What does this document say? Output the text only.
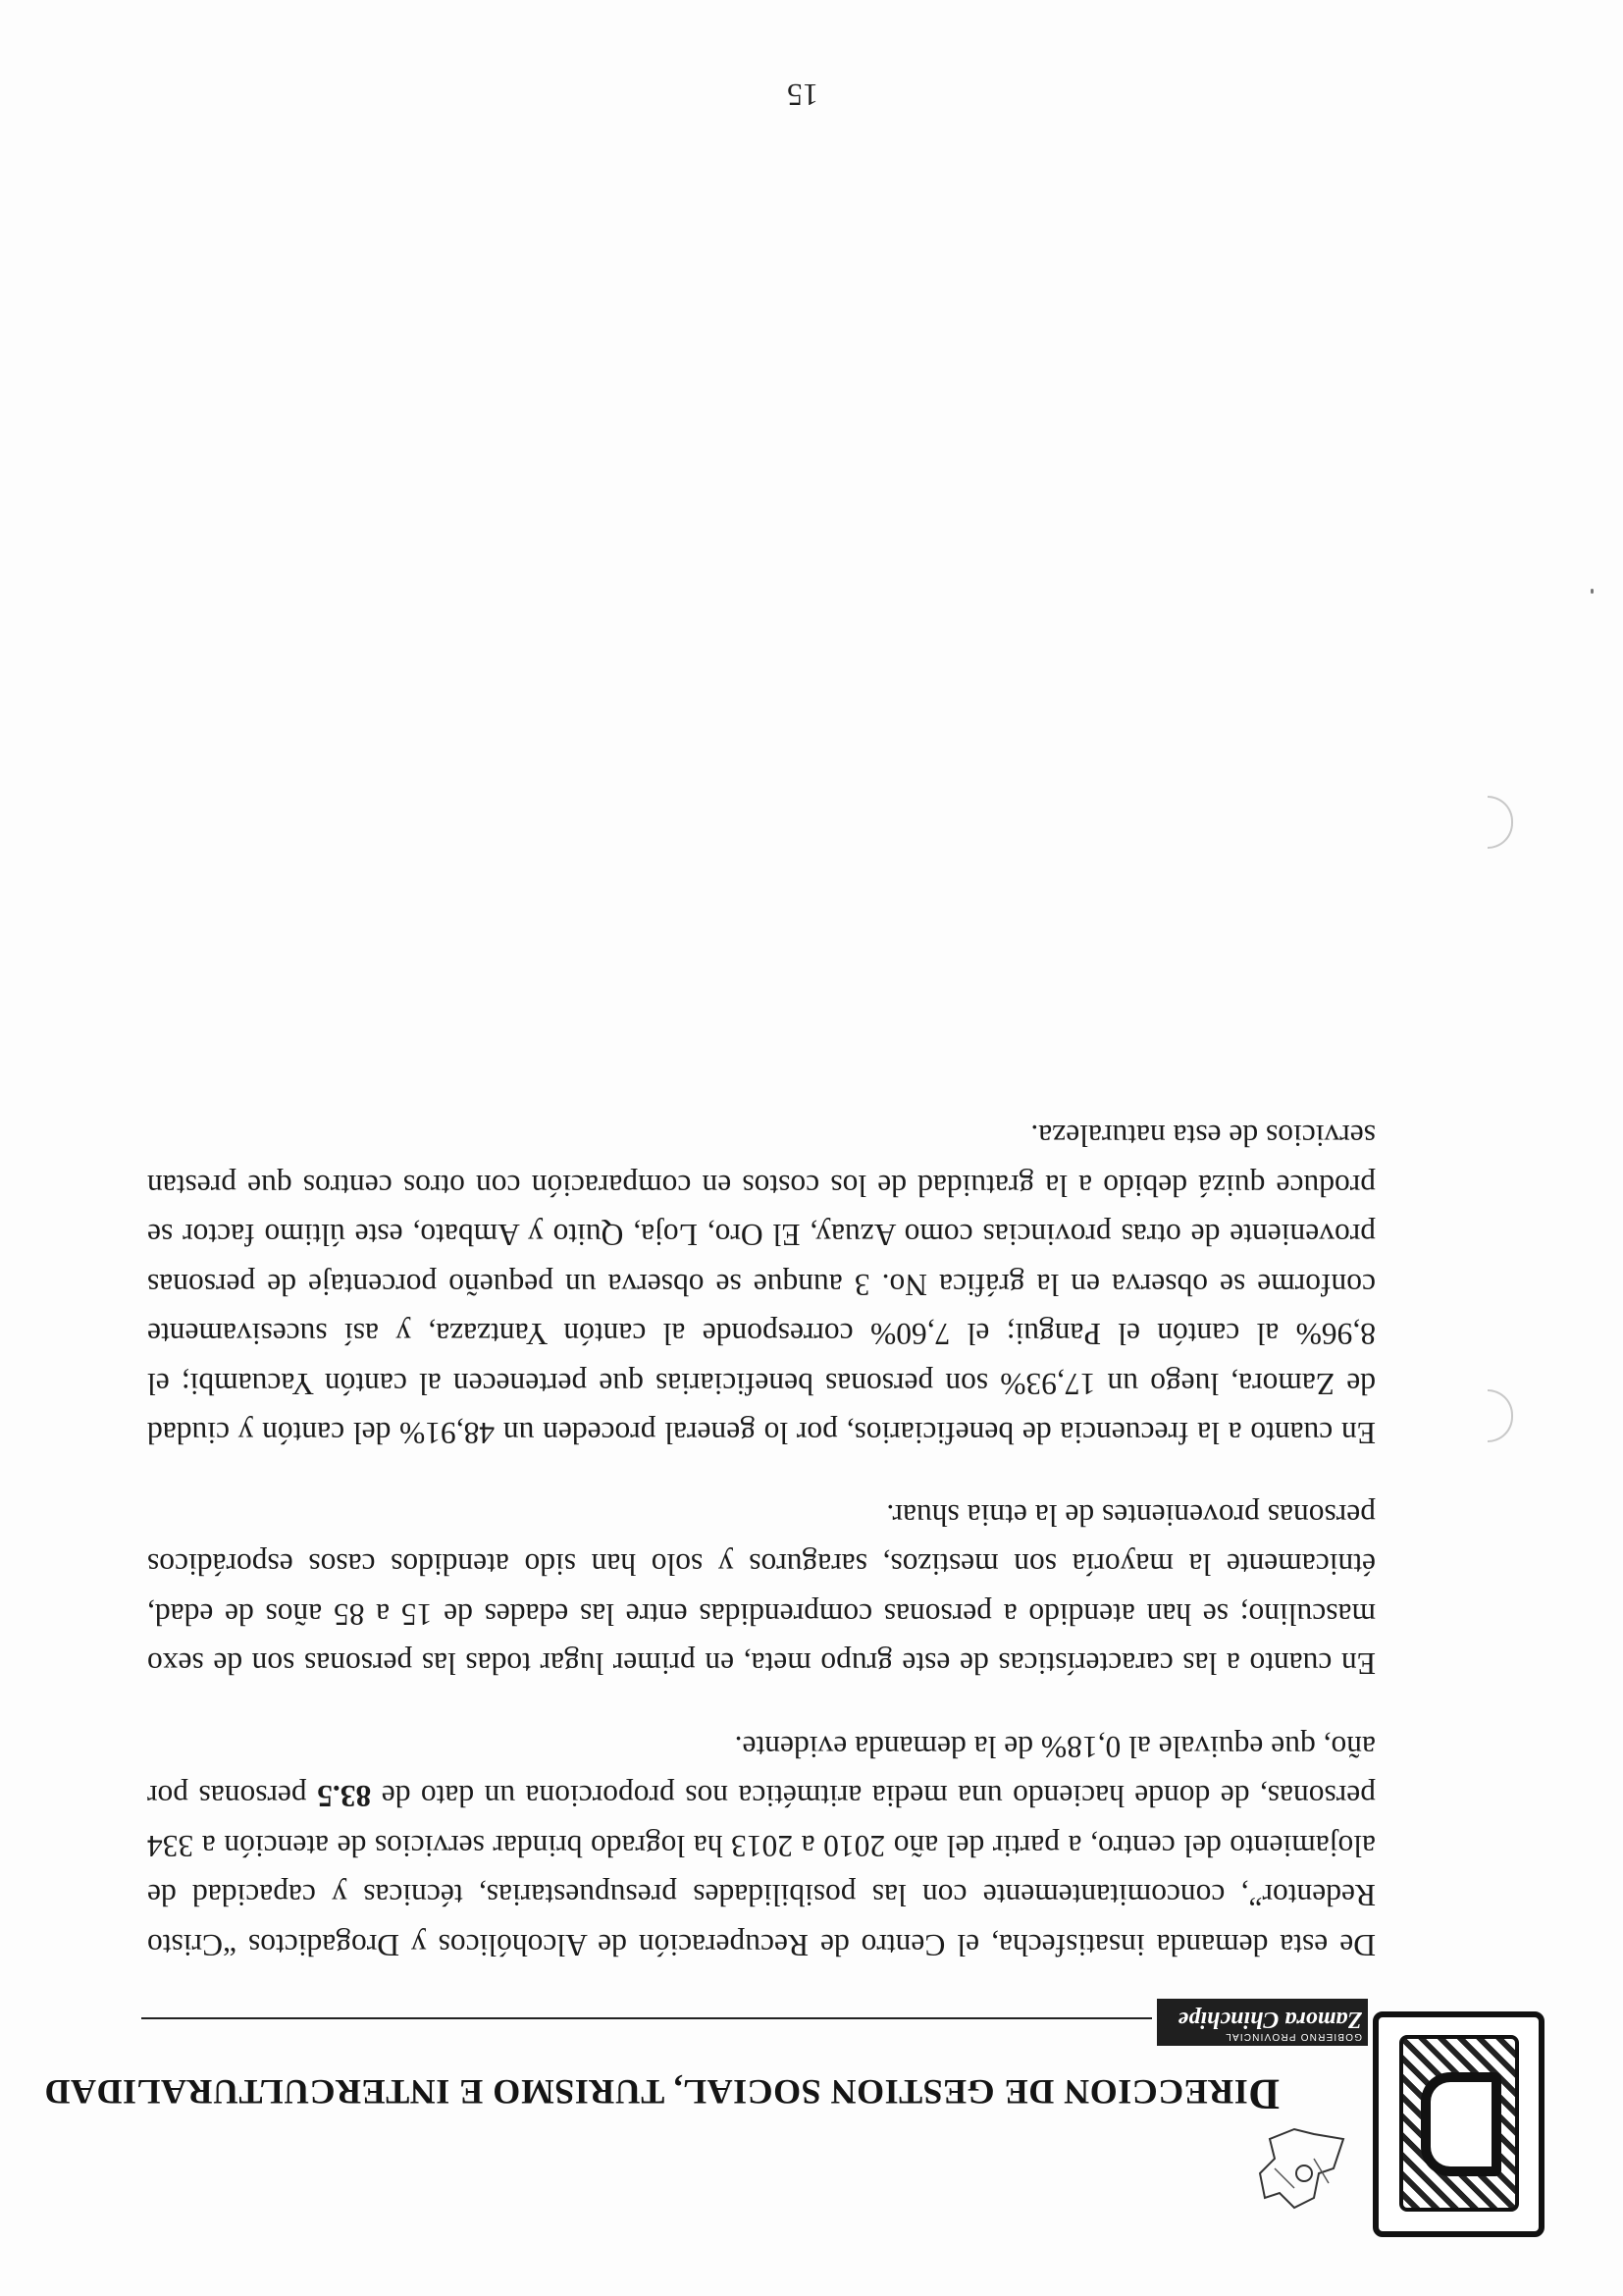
DIRECCION DE GESTION SOCIAL, TURISMO E INTERCULTURALIDAD
GOBIERNO PROVINCIAL
Zamora Chinchipe

De esta demanda insatisfecha, el Centro de Recuperación de Alcohólicos y Drogadictos “Cristo Redentor”, concomitantemente con las posibilidades presupuestarias, técnicas y capacidad de alojamiento del centro, a partir del año 2010 a 2013 ha logrado brindar servicios de atención a 334 personas, de donde haciendo una media aritmética nos proporciona un dato de 83.5 personas por año, que equivale al 0,18% de la demanda evidente.

En cuanto a las características de este grupo meta, en primer lugar todas las personas son de sexo masculino; se han atendido a personas comprendidas entre las edades de 15 a 85 años de edad, étnicamente la mayoría son mestizos, saraguros y solo han sido atendidos casos esporádicos personas provenientes de la etnia shuar.

En cuanto a la frecuencia de beneficiarios, por lo general proceden un 48,91% del cantón y ciudad de Zamora, luego un 17,93% son personas beneficiarias que pertenecen al cantón Yacuambi; el 8,96% al cantón el Pangui; el 7,60% corresponde al cantón Yantzaza, y así sucesivamente conforme se observa en la gráfica No. 3 aunque se observa un pequeño porcentaje de personas proveniente de otras provincias como Azuay, El Oro, Loja, Quito y Ambato, este último factor se produce quizá debido a la gratuidad de los costos en comparación con otros centros que prestan servicios de esta naturaleza.

15
